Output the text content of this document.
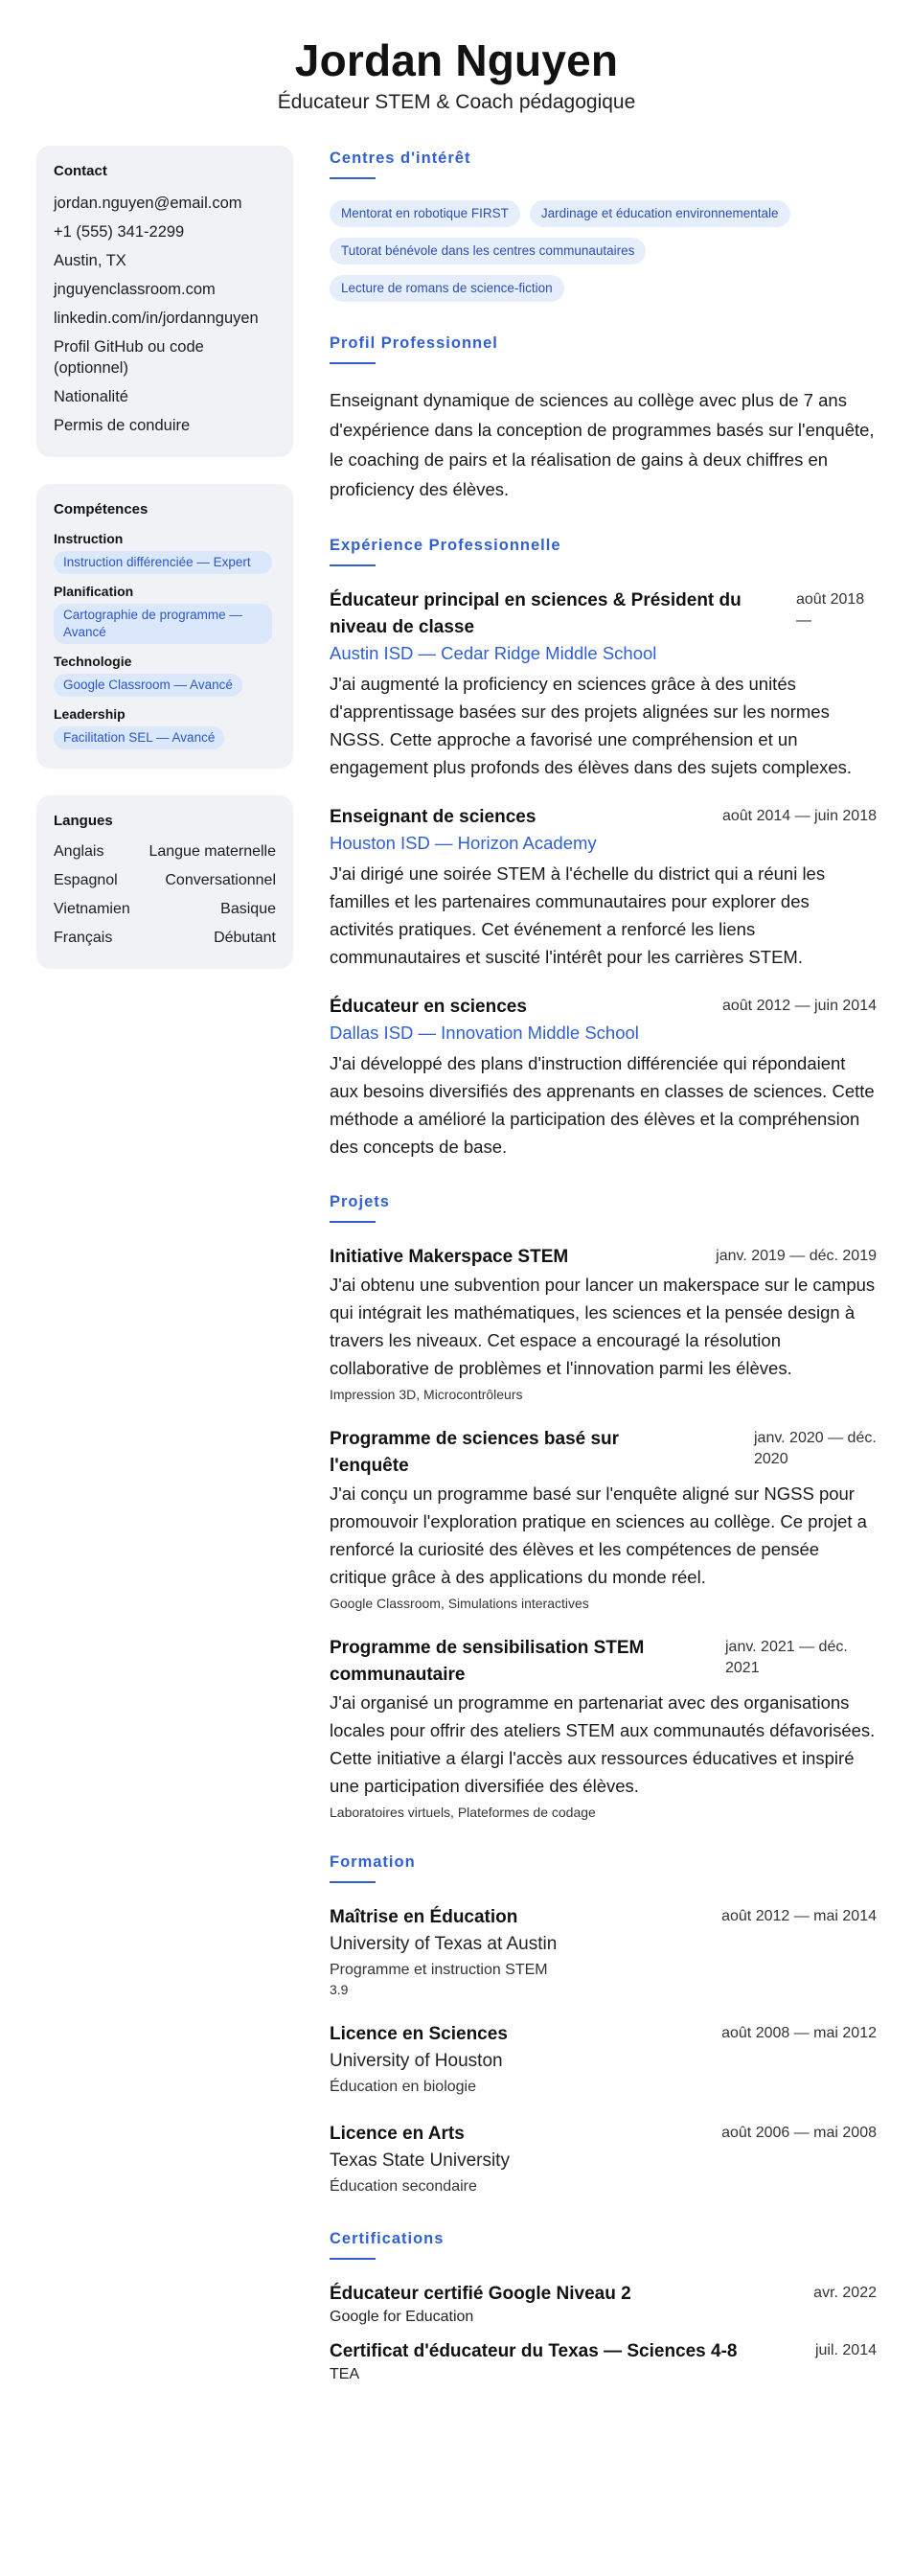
Jordan Nguyen
Éducateur STEM & Coach pédagogique
Contact
jordan.nguyen@email.com
+1 (555) 341-2299
Austin, TX
jnguyenclassroom.com
linkedin.com/in/jordannguyen
Profil GitHub ou code (optionnel)
Nationalité
Permis de conduire
Compétences
Instruction
Instruction différenciée — Expert
Planification
Cartographie de programme — Avancé
Technologie
Google Classroom — Avancé
Leadership
Facilitation SEL — Avancé
Langues
Anglais	Langue maternelle
Espagnol	Conversationnel
Vietnamien	Basique
Français	Débutant
Centres d'intérêt
Mentorat en robotique FIRST	Jardinage et éducation environnementale
Tutorat bénévole dans les centres communautaires
Lecture de romans de science-fiction
Profil Professionnel

Enseignant dynamique de sciences au collège avec plus de 7 ans d'expérience dans la conception de programmes basés sur l'enquête, le coaching de pairs et la réalisation de gains à deux chiffres en proficiency des élèves.

Expérience Professionnelle
Éducateur principal en sciences & Président du niveau de classe
août 2018 —
Austin ISD — Cedar Ridge Middle School

J'ai augmenté la proficiency en sciences grâce à des unités d'apprentissage basées sur des projets alignées sur les normes NGSS. Cette approche a favorisé une compréhension et un engagement plus profonds des élèves dans des sujets complexes.

Enseignant de sciences	août 2014 — juin 2018
Houston ISD — Horizon Academy

J'ai dirigé une soirée STEM à l'échelle du district qui a réuni les familles et les partenaires communautaires pour explorer des activités pratiques. Cet événement a renforcé les liens communautaires et suscité l'intérêt pour les carrières STEM.

Éducateur en sciences	août 2012 — juin 2014
Dallas ISD — Innovation Middle School

J'ai développé des plans d'instruction différenciée qui répondaient aux besoins diversifiés des apprenants en classes de sciences. Cette méthode a amélioré la participation des élèves et la compréhension des concepts de base.

Projets
Initiative Makerspace STEM	janv. 2019 — déc. 2019

J'ai obtenu une subvention pour lancer un makerspace sur le campus qui intégrait les mathématiques, les sciences et la pensée design à travers les niveaux. Cet espace a encouragé la résolution collaborative de problèmes et l'innovation parmi les élèves.

Impression 3D, Microcontrôleurs
Programme de sciences basé sur l'enquête
janv. 2020 — déc. 2020

J'ai conçu un programme basé sur l'enquête aligné sur NGSS pour promouvoir l'exploration pratique en sciences au collège. Ce projet a renforcé la curiosité des élèves et les compétences de pensée critique grâce à des applications du monde réel.

Google Classroom, Simulations interactives
Programme de sensibilisation STEM communautaire
janv. 2021 — déc. 2021

J'ai organisé un programme en partenariat avec des organisations locales pour offrir des ateliers STEM aux communautés défavorisées. Cette initiative a élargi l'accès aux ressources éducatives et inspiré une participation diversifiée des élèves.

Laboratoires virtuels, Plateformes de codage
Formation
Maîtrise en Éducation	août 2012 — mai 2014
University of Texas at Austin
Programme et instruction STEM
3.9
Licence en Sciences	août 2008 — mai 2012
University of Houston
Éducation en biologie
Licence en Arts	août 2006 — mai 2008
Texas State University
Éducation secondaire
Certifications
Éducateur certifié Google Niveau 2	avr. 2022
Google for Education
Certificat d'éducateur du Texas — Sciences 4-8	juil. 2014
TEA
